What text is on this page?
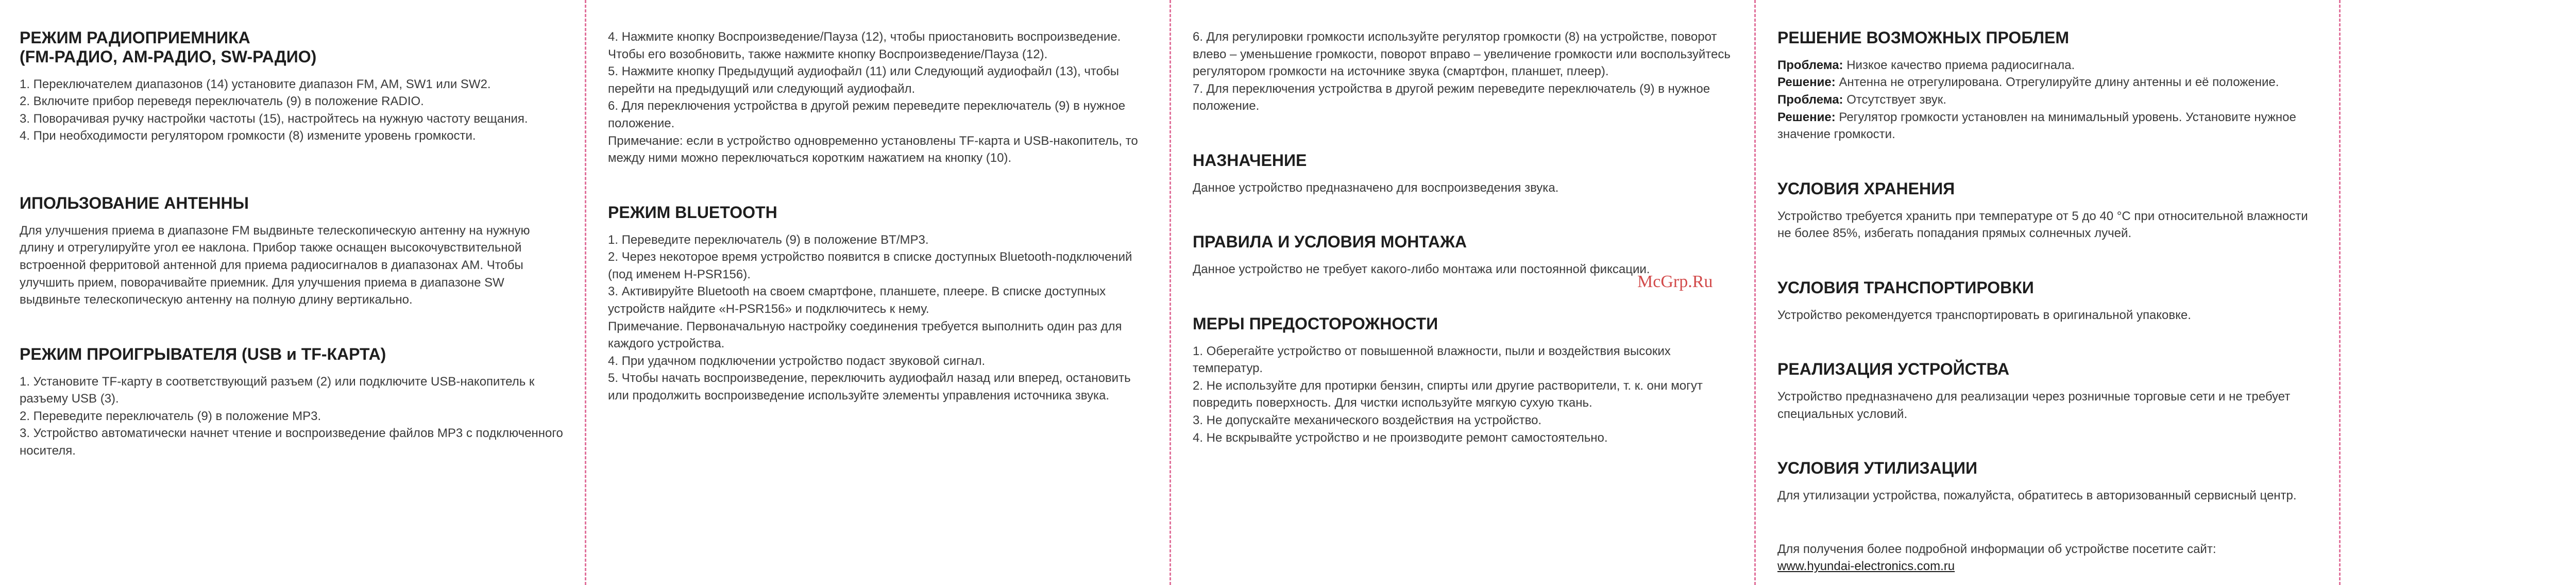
РЕЖИМ РАДИОПРИЕМНИКА
(FM-РАДИО, AM-РАДИО, SW-РАДИО)
1. Переключателем диапазонов (14) установите диапазон FM, AM, SW1 или SW2.
2. Включите прибор переведя переключатель (9) в положение RADIO.
3. Поворачивая ручку настройки частоты (15), настройтесь на нужную частоту вещания.
4. При необходимости регулятором громкости (8) измените уровень громкости.
ИПОЛЬЗОВАНИЕ АНТЕННЫ

Для улучшения приема в диапазоне FM выдвиньте телескопическую антенну на нужную длину и отрегулируйте угол ее наклона. Прибор также оснащен высокочувствительной встроенной ферритовой антенной для приема радиосигналов в диапазонах АМ. Чтобы улучшить прием, поворачивайте приемник. Для улучшения приема в диапазоне SW выдвиньте телескопическую антенну на полную длину вертикально.

РЕЖИМ ПРОИГРЫВАТЕЛЯ (USB и TF-КАРТА)
1. Установите TF-карту в соответствующий разъем (2) или подключите USB-накопитель к разъему USB (3).
2. Переведите переключатель (9) в положение MP3.
3. Устройство автоматически начнет чтение и воспроизведение файлов MP3 с подключенного носителя.
4. Нажмите кнопку Воспроизведение/Пауза (12), чтобы приостановить воспроизведение. Чтобы его возобновить, также нажмите кнопку Воспроизведение/Пауза (12).
5. Нажмите кнопку Предыдущий аудиофайл (11) или Следующий аудиофайл (13), чтобы перейти на предыдущий или следующий аудиофайл.
6. Для переключения устройства в другой режим переведите переключатель (9) в нужное положение.
Примечание: если в устройство одновременно установлены TF-карта и USB-накопитель, то между ними можно переключаться коротким нажатием на кнопку (10).
РЕЖИМ BLUETOOTH
1. Переведите переключатель (9) в положение BT/MP3.
2. Через некоторое время устройство появится в списке доступных Bluetooth-подключений (под именем H-PSR156).
3. Активируйте Bluetooth на своем смартфоне, планшете, плеере. В списке доступных устройств найдите «H-PSR156» и подключитесь к нему.
Примечание. Первоначальную настройку соединения требуется выполнить один раз для каждого устройства.
4. При удачном подключении устройство подаст звуковой сигнал.
5. Чтобы начать воспроизведение, переключить аудиофайл назад или вперед, остановить или продолжить воспроизведение используйте элементы управления источника звука.
6. Для регулировки громкости используйте регулятор громкости (8) на устройстве, поворот влево – уменьшение громкости, поворот вправо – увеличение громкости или воспользуйтесь регулятором громкости на источнике звука (смартфон, планшет, плеер).
7. Для переключения устройства в другой режим переведите переключатель (9) в нужное положение.
НАЗНАЧЕНИЕ

Данное устройство предназначено для воспроизведения звука.

ПРАВИЛА И УСЛОВИЯ МОНТАЖА

Данное устройство не требует какого-либо монтажа или постоянной фиксации.

МЕРЫ ПРЕДОСТОРОЖНОСТИ
1. Оберегайте устройство от повышенной влажности, пыли и воздействия высоких температур.
2. Не используйте для протирки бензин, спирты или другие растворители, т. к. они могут повредить поверхность. Для чистки используйте мягкую сухую ткань.
3. Не допускайте механического воздействия на устройство.
4. Не вскрывайте устройство и не производите ремонт самостоятельно.
McGrp.Ru
РЕШЕНИЕ ВОЗМОЖНЫХ ПРОБЛЕМ
Проблема: Низкое качество приема радиосигнала.
Решение: Антенна не отрегулирована. Отрегулируйте длину антенны и её положение.
Проблема: Отсутствует звук.
Решение: Регулятор громкости установлен на минимальный уровень. Установите нужное значение громкости.
УСЛОВИЯ ХРАНЕНИЯ

Устройство требуется хранить при температуре от 5 до 40 °С при относительной влажности не более 85%, избегать попадания прямых солнечных лучей.

УСЛОВИЯ ТРАНСПОРТИРОВКИ

Устройство рекомендуется транспортировать в оригинальной упаковке.

РЕАЛИЗАЦИЯ УСТРОЙСТВА

Устройство предназначено для реализации через розничные торговые сети и не требует специальных условий.

УСЛОВИЯ УТИЛИЗАЦИИ

Для утилизации устройства, пожалуйста, обратитесь в авторизованный сервисный центр.

Для получения более подробной информации об устройстве посетите сайт:

www.hyundai-electronics.com.ru
